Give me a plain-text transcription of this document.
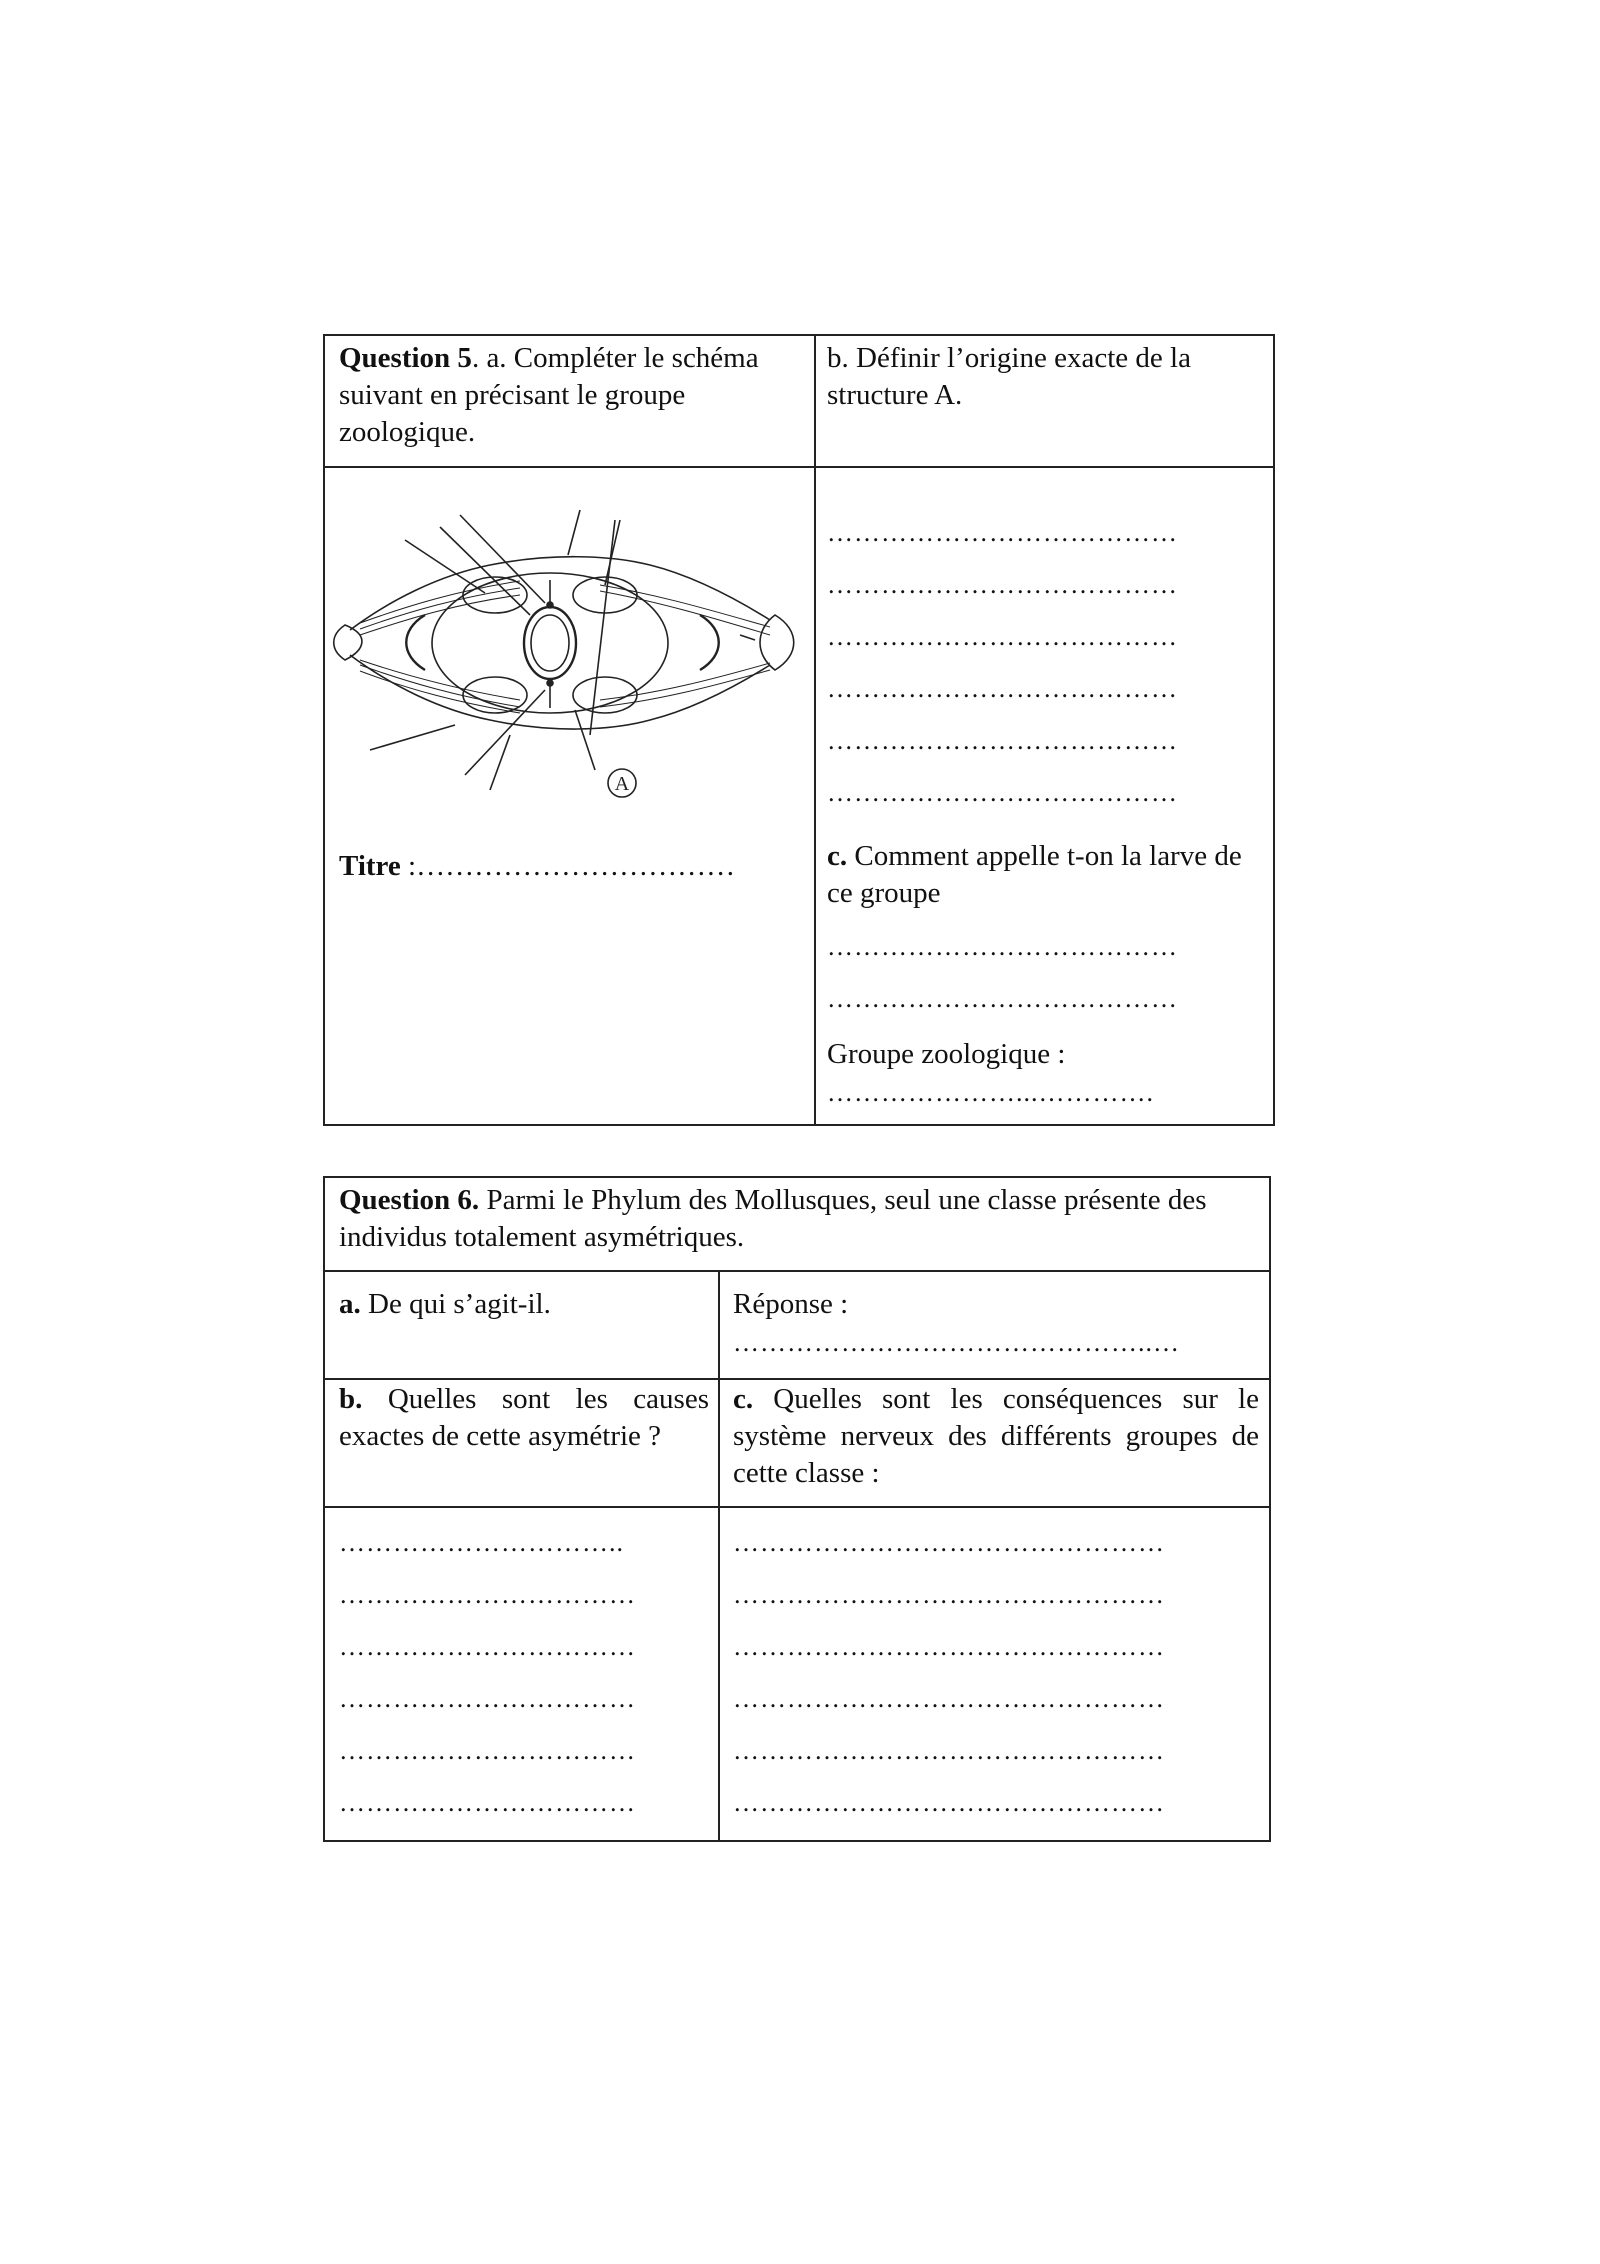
Question 5. a. Compléter le schéma suivant en précisant le groupe zoologique.
b. Définir l’origine exacte de la structure A.
…………………………………
…………………………………
…………………………………
…………………………………
…………………………………
…………………………………
Titre :……………………………	c. Comment appelle t-on la larve de ce groupe
…………………………………
…………………………………
Groupe zoologique :
…………………...………….
A
Question 6. Parmi le Phylum des Mollusques, seul une classe présente des individus totalement asymétriques.
a. De qui s’agit-il.	Réponse :
………………………………………..…
b. Quelles sont les causes exactes de cette asymétrie ?
c. Quelles sont les conséquences sur le système nerveux des différents groupes de cette classe :
…………………………..
……………………………
……………………………
……………………………
……………………………
……………………………
…………………………………………
…………………………………………
…………………………………………
…………………………………………
…………………………………………
…………………………………………
